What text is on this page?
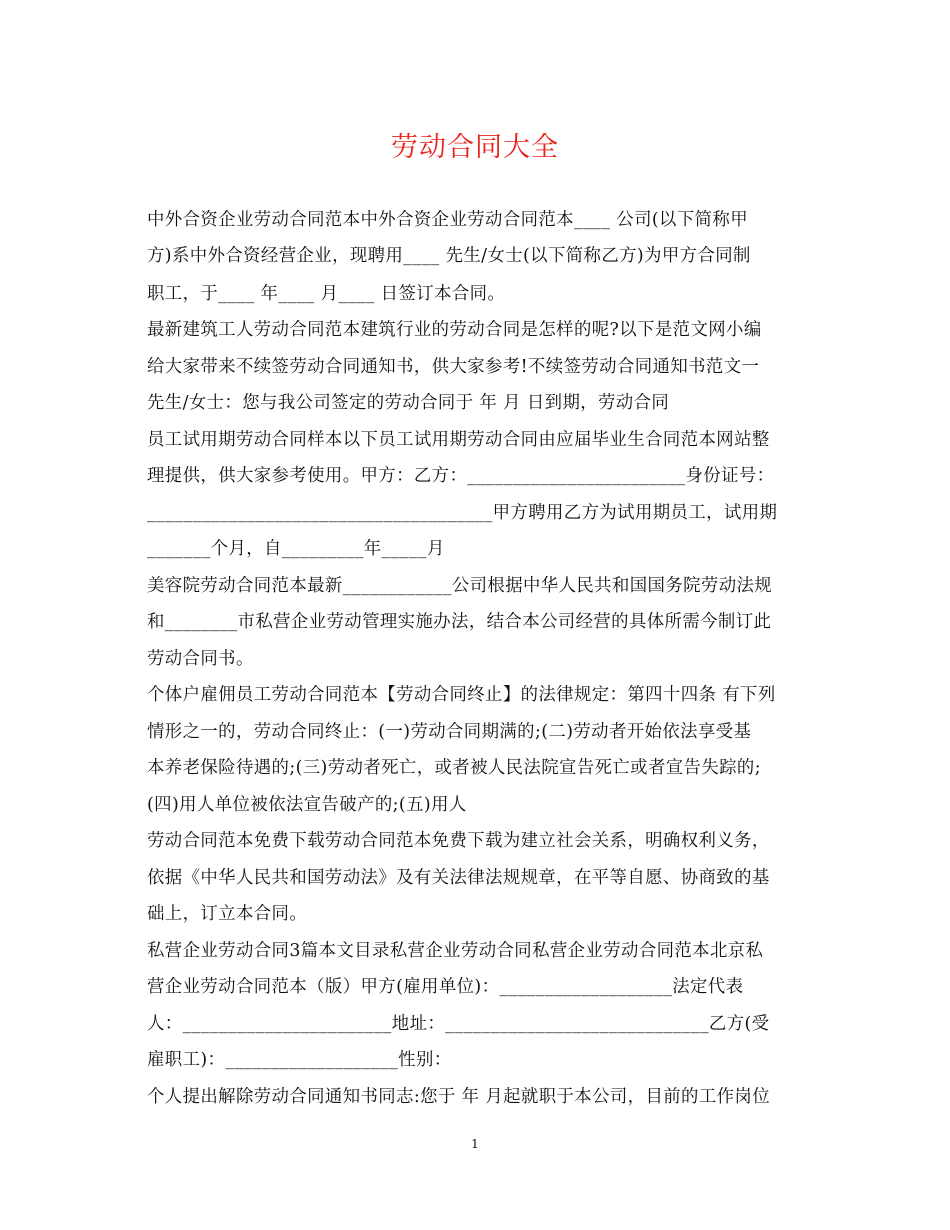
劳动合同大全
中外合资企业劳动合同范本中外合资企业劳动合同范本____ 公司(以下简称甲
方)系中外合资经营企业，现聘用____ 先生/女士(以下简称乙方)为甲方合同制
职工，于____ 年____ 月____ 日签订本合同。
最新建筑工人劳动合同范本建筑行业的劳动合同是怎样的呢?以下是范文网小编
给大家带来不续签劳动合同通知书，供大家参考!不续签劳动合同通知书范文一
先生/女士：您与我公司签定的劳动合同于 年 月 日到期，劳动合同
员工试用期劳动合同样本以下员工试用期劳动合同由应届毕业生合同范本网站整
理提供，供大家参考使用。甲方：乙方：________________________身份证号：
______________________________________甲方聘用乙方为试用期员工，试用期
_______个月，自_________年_____月
美容院劳动合同范本最新____________公司根据中华人民共和国国务院劳动法规
和________市私营企业劳动管理实施办法，结合本公司经营的具体所需今制订此
劳动合同书。
个体户雇佣员工劳动合同范本【劳动合同终止】的法律规定：第四十四条 有下列
情形之一的，劳动合同终止：(一)劳动合同期满的;(二)劳动者开始依法享受基
本养老保险待遇的;(三)劳动者死亡，或者被人民法院宣告死亡或者宣告失踪的;
(四)用人单位被依法宣告破产的;(五)用人
劳动合同范本免费下载劳动合同范本免费下载为建立社会关系，明确权利义务，
依据《中华人民共和国劳动法》及有关法律法规规章，在平等自愿、协商致的基
础上，订立本合同。
私营企业劳动合同3篇本文目录私营企业劳动合同私营企业劳动合同范本北京私
营企业劳动合同范本（版）甲方(雇用单位)：___________________法定代表
人：_______________________地址：_____________________________乙方(受
雇职工)：___________________性别：
个人提出解除劳动合同通知书同志:您于 年 月起就职于本公司，目前的工作岗位
1
